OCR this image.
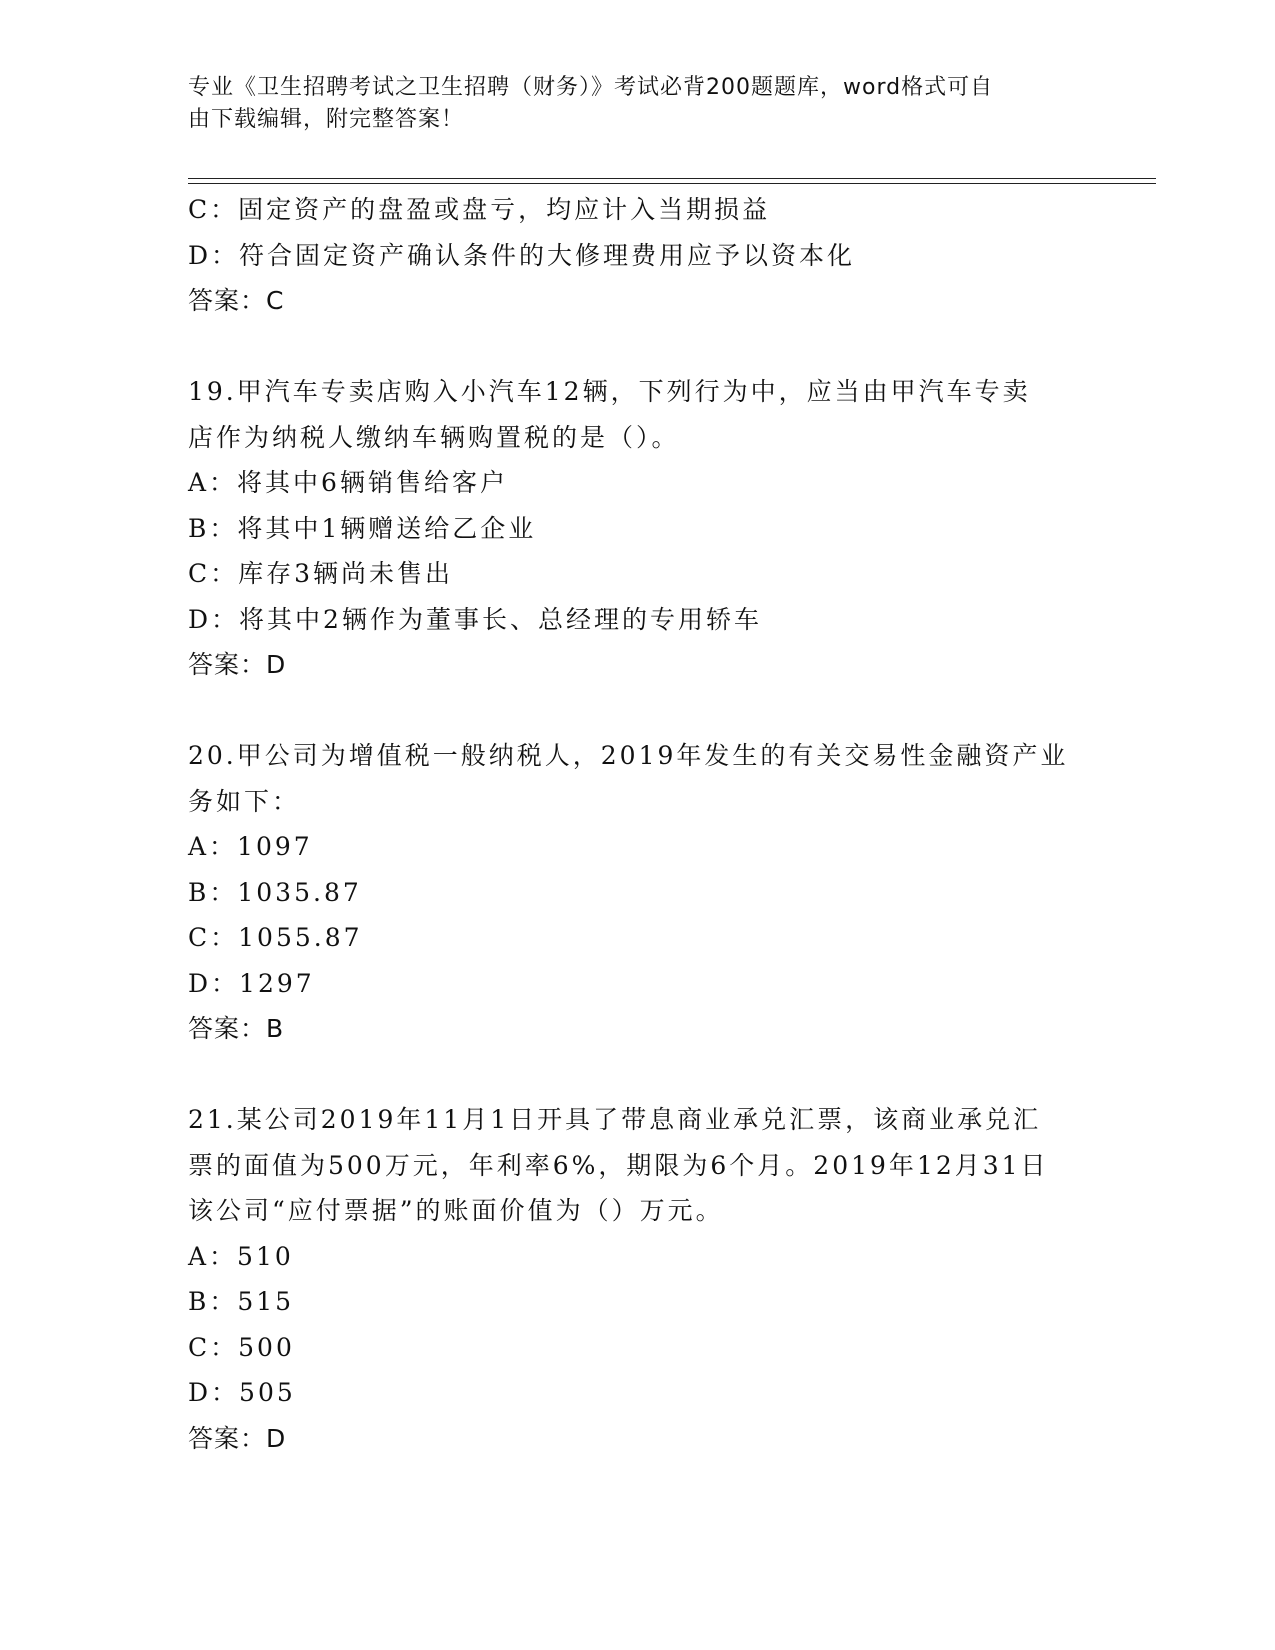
专业《卫生招聘考试之卫生招聘（财务）》考试必背200题题库，word格式可自
由下载编辑，附完整答案！
C：固定资产的盘盈或盘亏，均应计入当期损益
D：符合固定资产确认条件的大修理费用应予以资本化
答案：C
19.甲汽车专卖店购入小汽车12辆，下列行为中，应当由甲汽车专卖
店作为纳税人缴纳车辆购置税的是（）。
A：将其中6辆销售给客户
B：将其中1辆赠送给乙企业
C：库存3辆尚未售出
D：将其中2辆作为董事长、总经理的专用轿车
答案：D
20.甲公司为增值税一般纳税人，2019年发生的有关交易性金融资产业
务如下：
A：1097
B：1035.87
C：1055.87
D：1297
答案：B
21.某公司2019年11月1日开具了带息商业承兑汇票，该商业承兑汇
票的面值为500万元，年利率6%，期限为6个月。2019年12月31日
该公司“应付票据”的账面价值为（）万元。
A：510
B：515
C：500
D：505
答案：D
